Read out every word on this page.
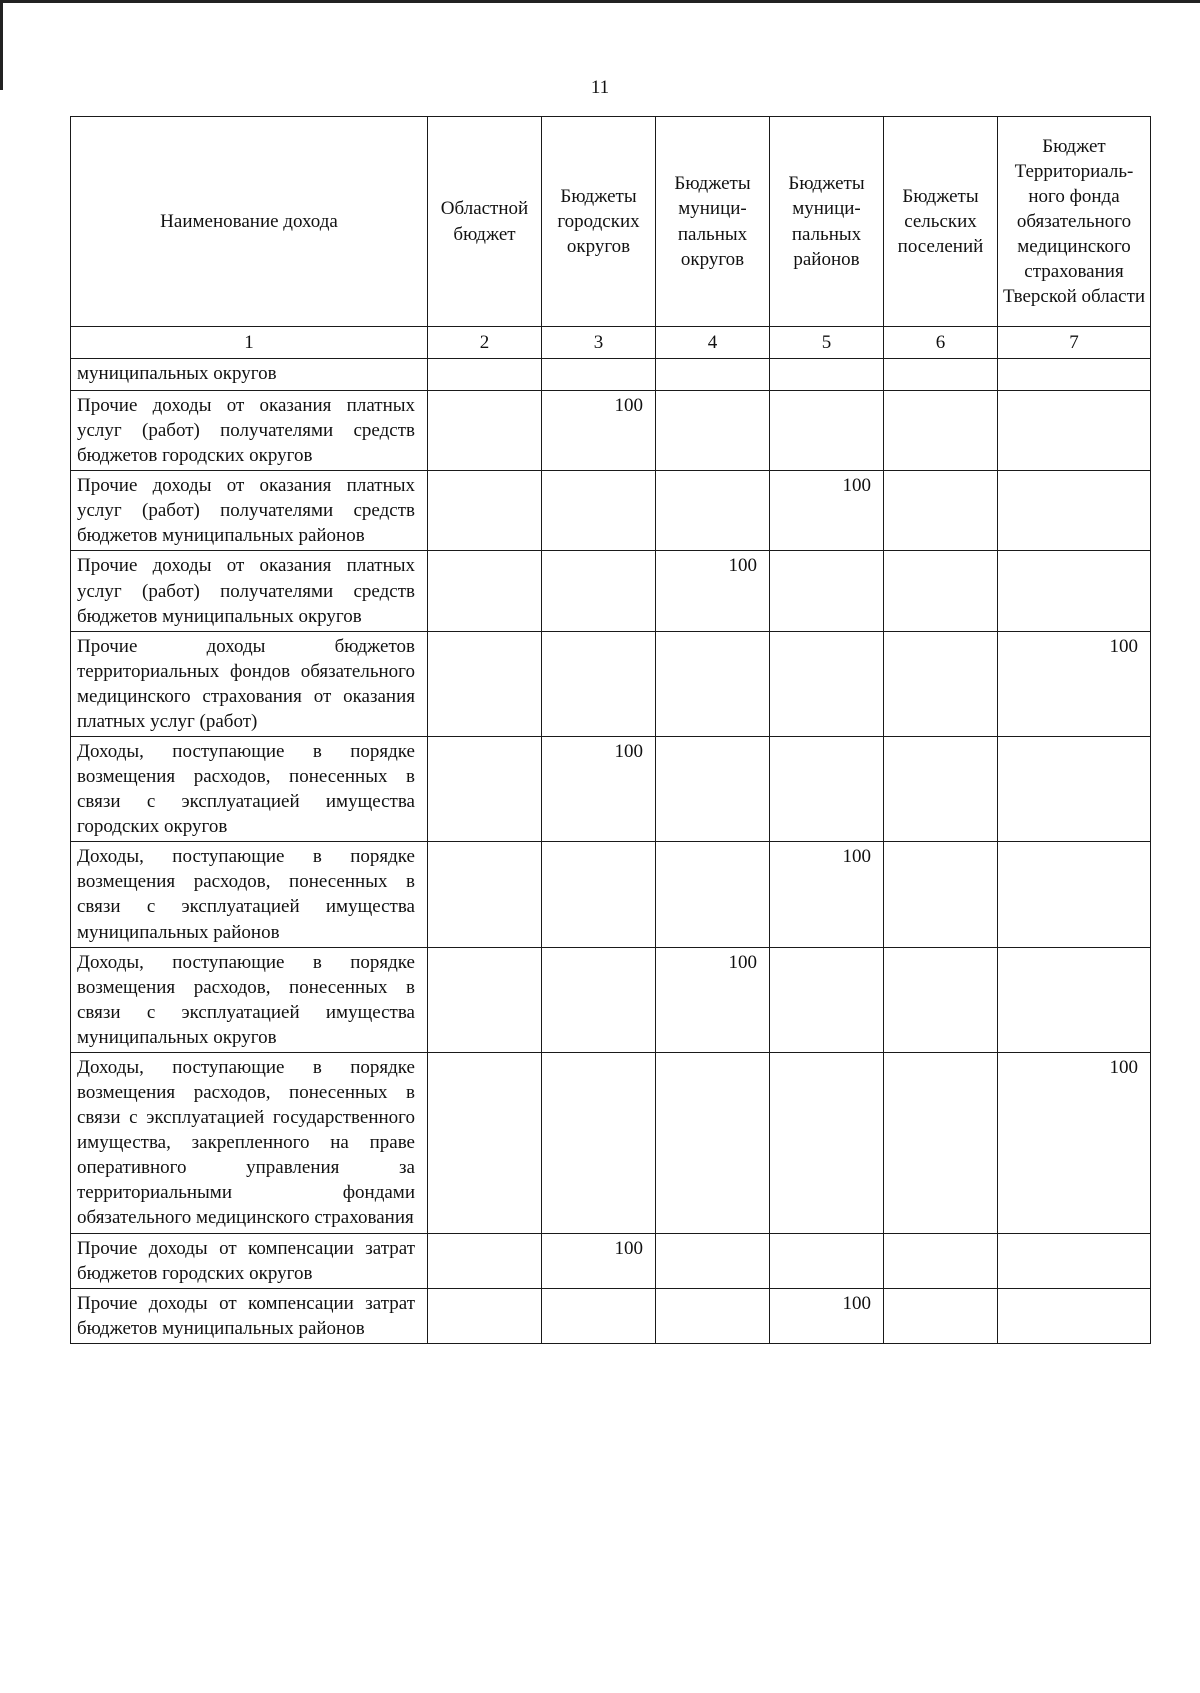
11
Наименование дохода	Областной бюджет	Бюджеты городских округов	Бюджеты муници-пальных округов	Бюджеты муници-пальных районов	Бюджеты сельских поселений	Бюджет Территориаль-ного фонда обязательного медицинского страхования Тверской области
1	2	3	4	5	6	7
муниципальных округов						
Прочие доходы от оказания платных услуг (работ) получателями средств бюджетов городских округов		100				
Прочие доходы от оказания платных услуг (работ) получателями средств бюджетов муниципальных районов				100		
Прочие доходы от оказания платных услуг (работ) получателями средств бюджетов муниципальных округов			100			
Прочие доходы бюджетов территориальных фондов обязательного медицинского страхования от оказания платных услуг (работ)						100
Доходы, поступающие в порядке возмещения расходов, понесенных в связи с эксплуатацией имущества городских округов		100				
Доходы, поступающие в порядке возмещения расходов, понесенных в связи с эксплуатацией имущества муниципальных районов				100		
Доходы, поступающие в порядке возмещения расходов, понесенных в связи с эксплуатацией имущества муниципальных округов			100			
Доходы, поступающие в порядке возмещения расходов, понесенных в связи с эксплуатацией государственного имущества, закрепленного на праве оперативного управления за территориальными фондами обязательного медицинского страхования						100
Прочие доходы от компенсации затрат бюджетов городских округов		100				
Прочие доходы от компенсации затрат бюджетов муниципальных районов				100		
